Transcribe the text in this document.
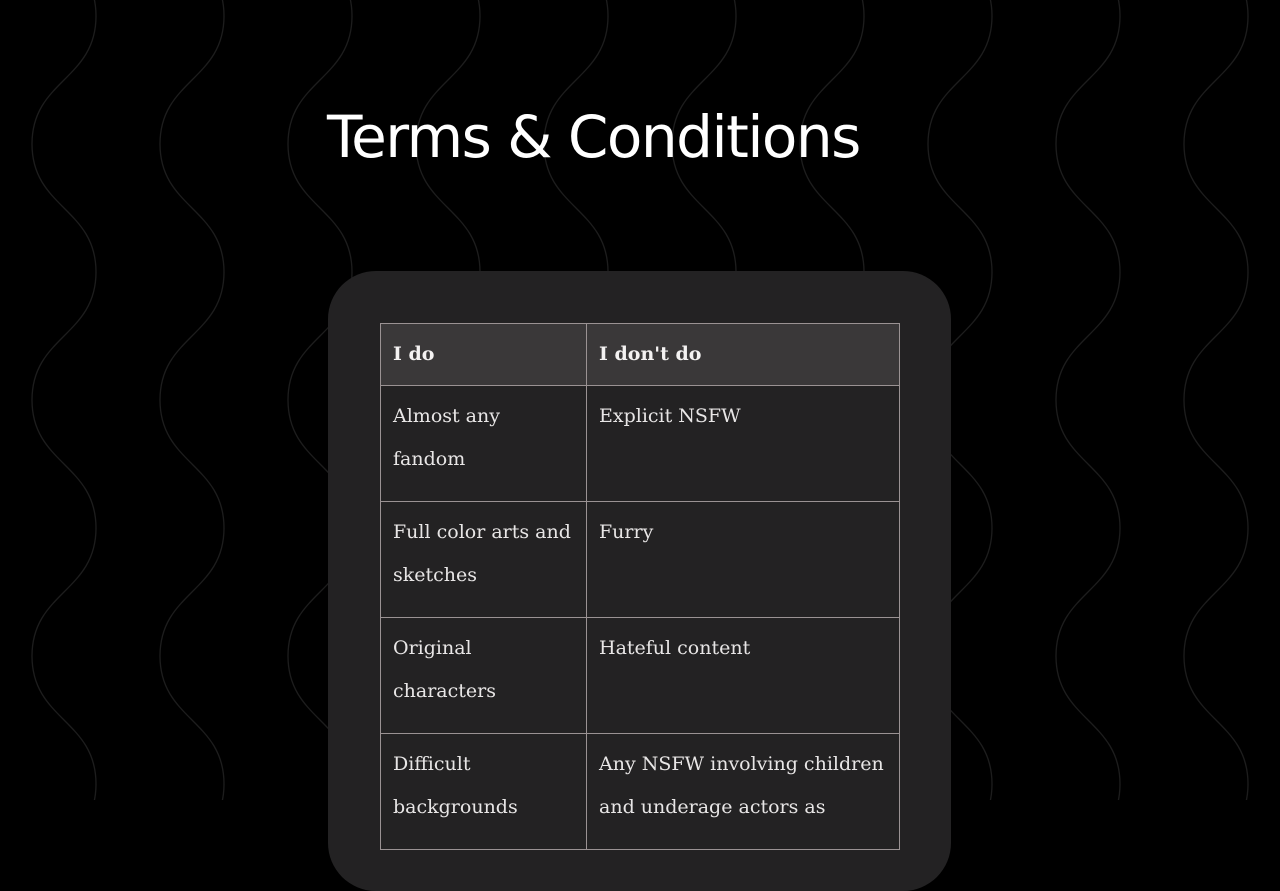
Terms & Conditions
I do	I don't do
Almost any fandom	Explicit NSFW
Full color arts and sketches	Furry
Original characters	Hateful content
Difficult backgrounds	Any NSFW involving children and underage actors as
